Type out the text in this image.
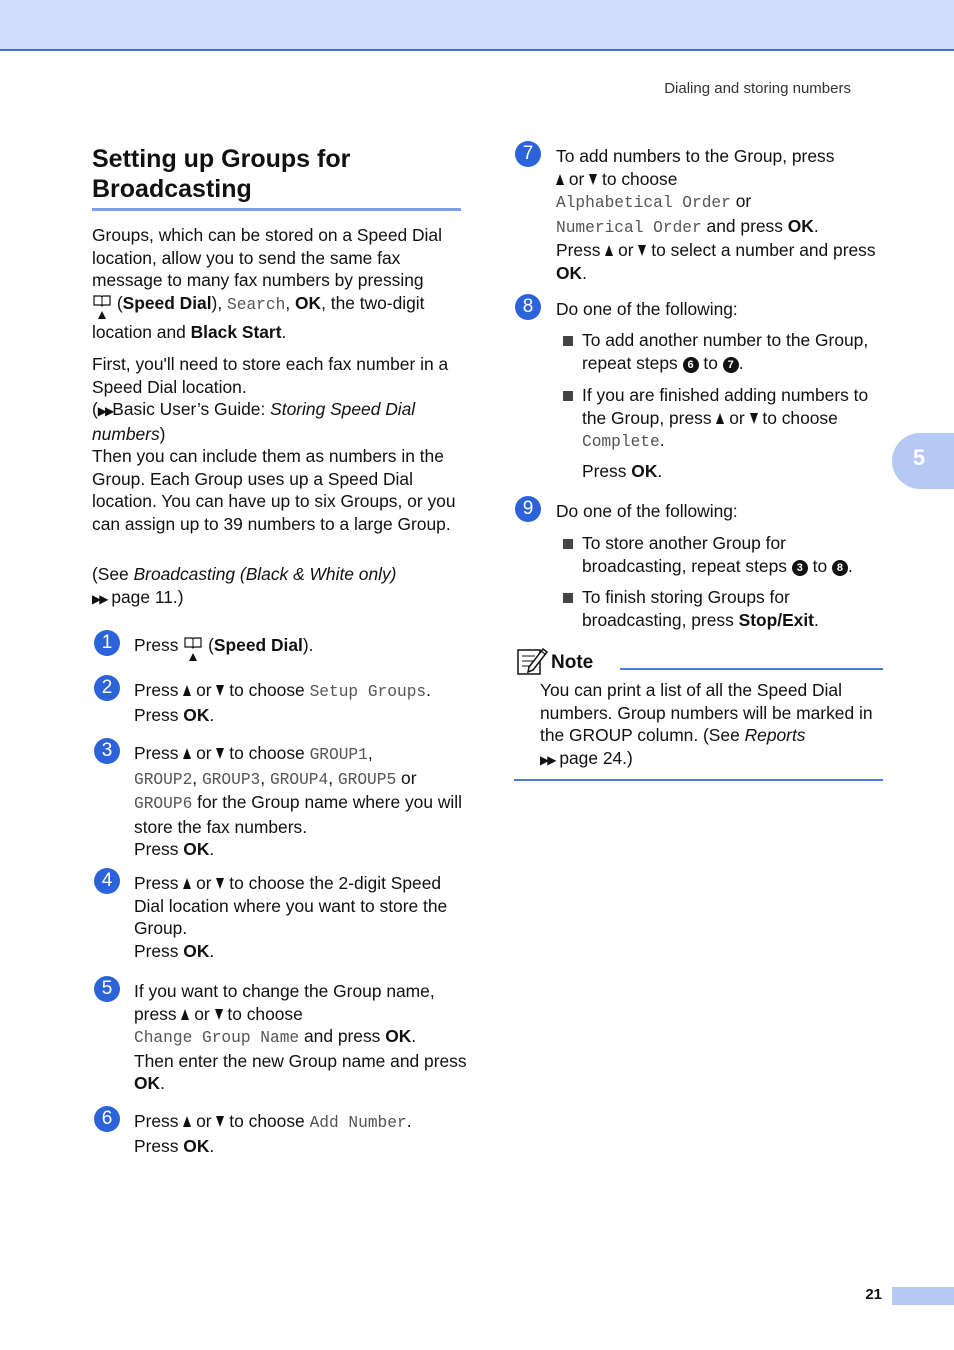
Dialing and storing numbers
5
Setting up Groups for
Broadcasting

Groups, which can be stored on a Speed Dial location, allow you to send the same fax message to many fax numbers by pressing
(Speed Dial), Search, OK, the two-digit location and Black Start.

First, you'll need to store each fax number in a Speed Dial location.
(▶▶Basic User’s Guide: Storing Speed Dial numbers)
Then you can include them as numbers in the Group. Each Group uses up a Speed Dial location. You can have up to six Groups, or you can assign up to 39 numbers to a large Group.

(See Broadcasting (Black & White only)
▶▶ page 11.)

1	Press  (Speed Dial).

2	Press or to choose Setup Groups.
Press OK.

3	Press or to choose GROUP1,
GROUP2, GROUP3, GROUP4, GROUP5 or
GROUP6 for the Group name where you will store the fax numbers.
Press OK.

4	Press or to choose the 2-digit Speed Dial location where you want to store the Group.
Press OK.

5	If you want to change the Group name, press or to choose
Change Group Name and press OK.
Then enter the new Group name and press OK.

6	Press or to choose Add Number.
Press OK.

7	To add numbers to the Group, press
or to choose
Alphabetical Order or
Numerical Order and press OK.
Press or to select a number and press OK.

8	Do one of the following:

To add another number to the Group, repeat steps 6 to 7 .

If you are finished adding numbers to the Group, press or to choose
Complete.

Press OK.

9	Do one of the following:

To store another Group for broadcasting, repeat steps 3 to 8 .

To finish storing Groups for broadcasting, press Stop/Exit.

Note

You can print a list of all the Speed Dial numbers. Group numbers will be marked in the GROUP column. (See Reports
▶▶ page 24.)

21
